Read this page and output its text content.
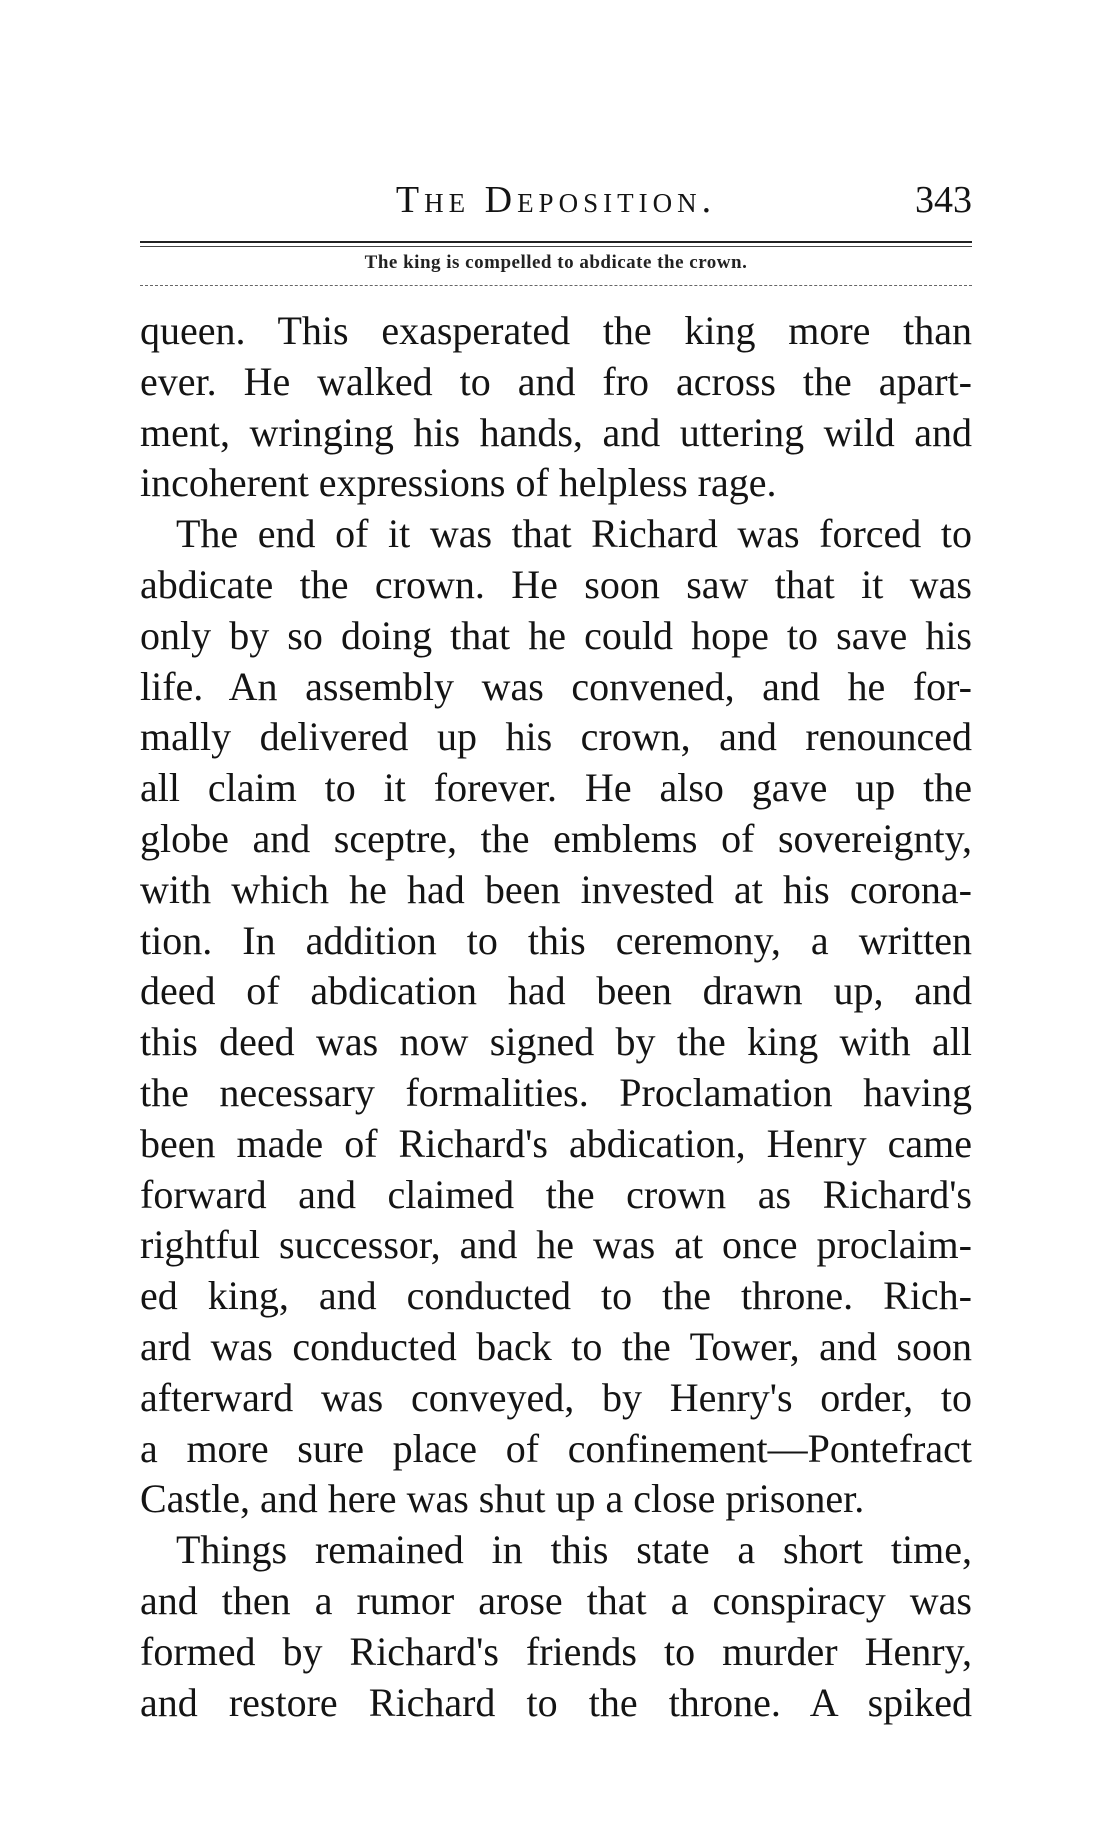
The Deposition.	343
The king is compelled to abdicate the crown.
queen. This exasperated the king more than
ever. He walked to and fro across the apart-
ment, wringing his hands, and uttering wild and
incoherent expressions of helpless rage.
The end of it was that Richard was forced to
abdicate the crown. He soon saw that it was
only by so doing that he could hope to save his
life. An assembly was convened, and he for-
mally delivered up his crown, and renounced
all claim to it forever. He also gave up the
globe and sceptre, the emblems of sovereignty,
with which he had been invested at his corona-
tion. In addition to this ceremony, a written
deed of abdication had been drawn up, and
this deed was now signed by the king with all
the necessary formalities. Proclamation having
been made of Richard's abdication, Henry came
forward and claimed the crown as Richard's
rightful successor, and he was at once proclaim-
ed king, and conducted to the throne. Rich-
ard was conducted back to the Tower, and soon
afterward was conveyed, by Henry's order, to
a more sure place of confinement—Pontefract
Castle, and here was shut up a close prisoner.
Things remained in this state a short time,
and then a rumor arose that a conspiracy was
formed by Richard's friends to murder Henry,
and restore Richard to the throne. A spiked
